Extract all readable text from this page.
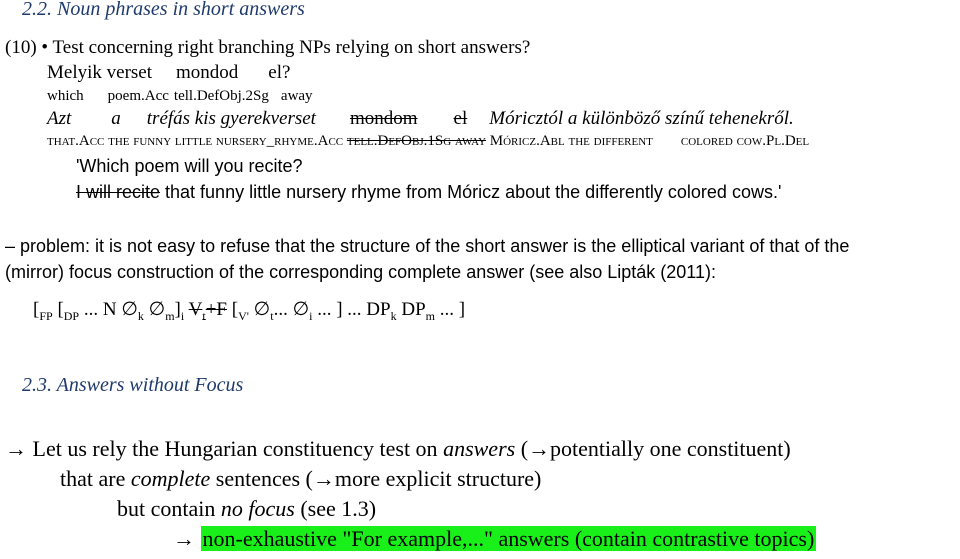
2.2. Noun phrases in short answers
(10) • Test concerning right branching NPs relying on short answers?
Melyik verset mondod el?
which poem.Acc tell.DefObj.2Sg away
Azt a tréfás kis gyerekverset mondom el Móricztól a különböző színű tehenekről.
that.Acc the funny little nursery_rhyme.Acc tell.DefObj.1Sg away Móricz.Abl the different colored cow.Pl.Del
'Which poem will you recite?
I will recite that funny little nursery rhyme from Móricz about the differently colored cows.'
– problem: it is not easy to refuse that the structure of the short answer is the elliptical variant of that of the
(mirror) focus construction of the corresponding complete answer (see also Lipták (2011):
[$_{FP}$ [$_{DP}$ ... N $\emptyset_k$ $\emptyset_m]_i$ $V_t+F$ [$_{V'}$ $\emptyset_t$... $\emptyset_i$ ... ] ... $DP_k$ $DP_m$ ... ]
2.3. Answers without Focus
→ Let us rely the Hungarian constituency test on answers (→potentially one constituent)
that are complete sentences (→more explicit structure)
but contain no focus (see 1.3)
→ non-exhaustive "For example,..." answers (contain contrastive topics)
